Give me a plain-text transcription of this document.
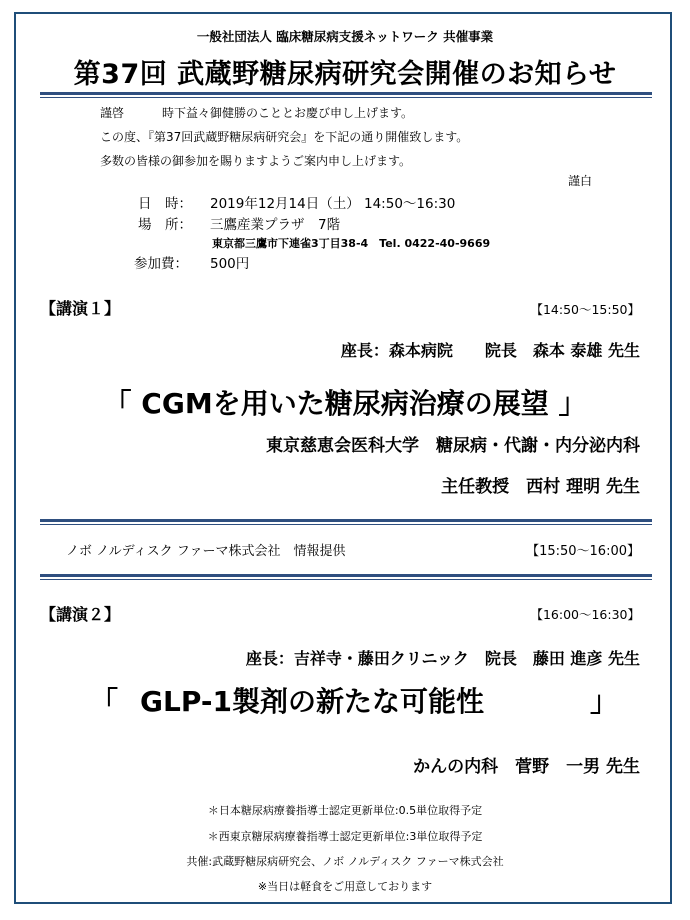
一般社団法人 臨床糖尿病支援ネットワーク 共催事業
第37回 武蔵野糖尿病研究会開催のお知らせ
謹啓	時下益々御健勝のこととお慶び申し上げます。
この度、『第37回武蔵野糖尿病研究会』を下記の通り開催致します。
多数の皆様の御参加を賜りますようご案内申し上げます。
謹白
日　時： 2019年12月14日（土） 14:50～16:30
場　所： 三鷹産業プラザ　7階
東京都三鷹市下連雀3丁目38-4　Tel. 0422-40-9669
参加費： 500円
【講演１】	【14:50～15:50】
座長：森本病院　　院長　森本 泰雄 先生
「 CGMを用いた糖尿病治療の展望 」
東京慈恵会医科大学　糖尿病・代謝・内分泌内科
主任教授　西村 理明 先生
ノボ ノルディスク ファーマ株式会社　情報提供	【15:50～16:00】
【講演２】	【16:00～16:30】
座長：吉祥寺・藤田クリニック　院長　藤田 進彦 先生
「 GLP-1製剤の新たな可能性	」
かんの内科　菅野　一男 先生
＊日本糖尿病療養指導士認定更新単位:0.5単位取得予定
＊西東京糖尿病療養指導士認定更新単位:3単位取得予定
共催:武蔵野糖尿病研究会、ノボ ノルディスク ファーマ株式会社
※当日は軽食をご用意しております
